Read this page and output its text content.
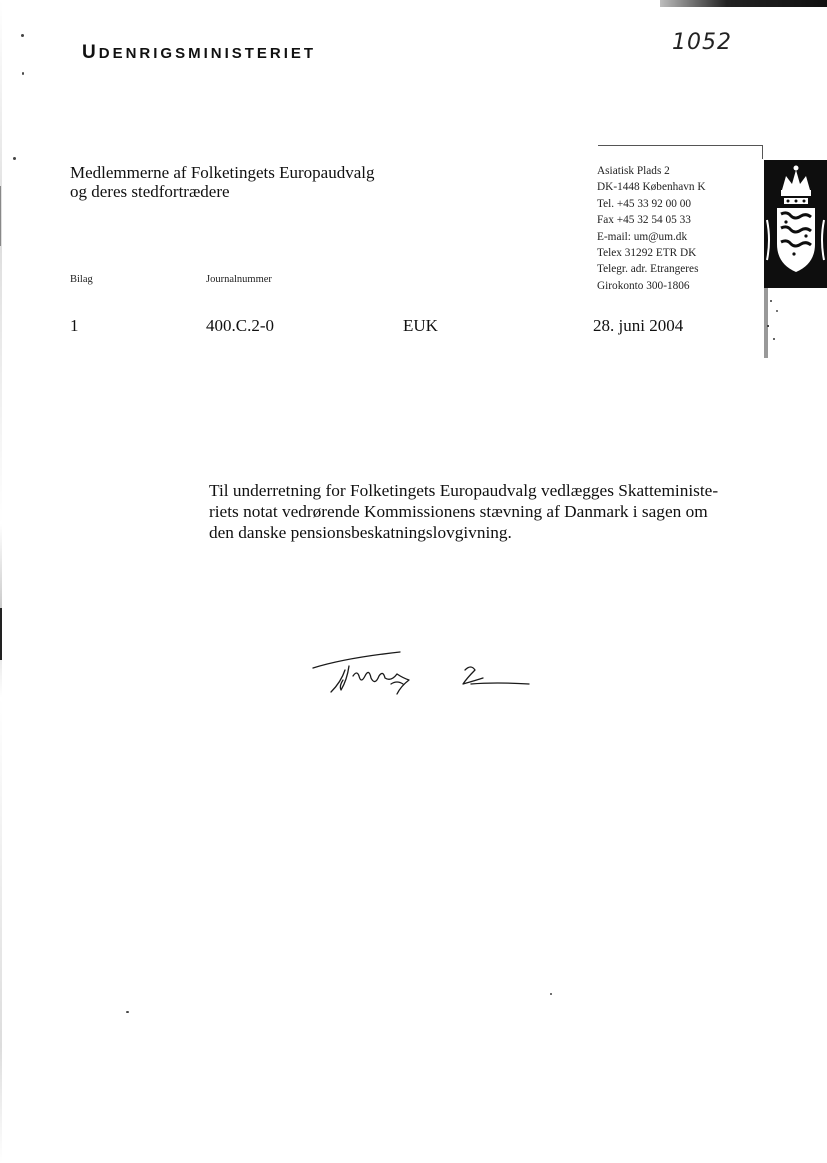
UDENRIGSMINISTERIET	1052
Medlemmerne af Folketingets Europaudvalg
og deres stedfortrædere
Asiatisk Plads 2
DK-1448 København K
Tel. +45 33 92 00 00
Fax +45 32 54 05 33
E-mail: um@um.dk
Telex 31292 ETR DK
Telegr. adr. Etrangeres
Girokonto 300-1806
Bilag	Journalnummer
1	400.C.2-0	EUK	28. juni 2004

Til underretning for Folketingets Europaudvalg vedlægges Skatteministe-

riets notat vedrørende Kommissionens stævning af Danmark i sagen om

den danske pensionsbeskatningslovgivning.
